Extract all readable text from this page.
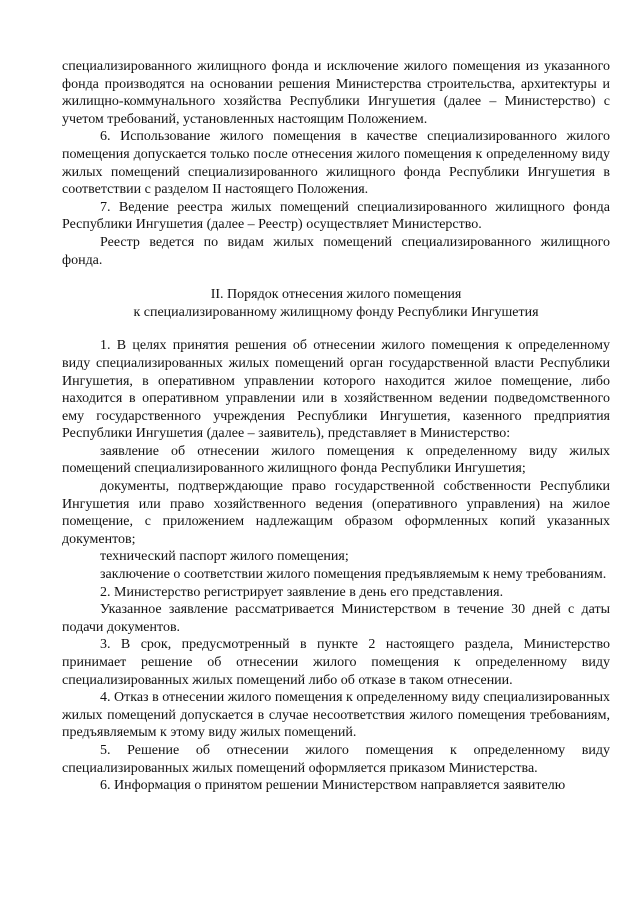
специализированного жилищного фонда и исключение жилого помещения из указанного фонда производятся на основании решения Министерства строительства, архитектуры и жилищно-коммунального хозяйства Республики Ингушетия (далее – Министерство) с учетом требований, установленных настоящим Положением.

6. Использование жилого помещения в качестве специализированного жилого помещения допускается только после отнесения жилого помещения к определенному виду жилых помещений специализированного жилищного фонда Республики Ингушетия в соответствии с разделом II настоящего Положения.

7. Ведение реестра жилых помещений специализированного жилищного фонда Республики Ингушетия (далее – Реестр) осуществляет Министерство.

Реестр ведется по видам жилых помещений специализированного жилищного фонда.

II. Порядок отнесения жилого помещения

к специализированному жилищному фонду Республики Ингушетия

1. В целях принятия решения об отнесении жилого помещения к определенному виду специализированных жилых помещений орган государственной власти Республики Ингушетия, в оперативном управлении которого находится жилое помещение, либо находится в оперативном управлении или в хозяйственном ведении подведомственного ему государственного учреждения Республики Ингушетия, казенного предприятия Республики Ингушетия (далее – заявитель), представляет в Министерство:

заявление об отнесении жилого помещения к определенному виду жилых помещений специализированного жилищного фонда Республики Ингушетия;

документы, подтверждающие право государственной собственности Республики Ингушетия или право хозяйственного ведения (оперативного управления) на жилое помещение, с приложением надлежащим образом оформленных копий указанных документов;

технический паспорт жилого помещения;

заключение о соответствии жилого помещения предъявляемым к нему требованиям.

2. Министерство регистрирует заявление в день его представления.

Указанное заявление рассматривается Министерством в течение 30 дней с даты подачи документов.

3. В срок, предусмотренный в пункте 2 настоящего раздела, Министерство принимает решение об отнесении жилого помещения к определенному виду специализированных жилых помещений либо об отказе в таком отнесении.

4. Отказ в отнесении жилого помещения к определенному виду специализированных жилых помещений допускается в случае несоответствия жилого помещения требованиям, предъявляемым к этому виду жилых помещений.

5. Решение об отнесении жилого помещения к определенному виду специализированных жилых помещений оформляется приказом Министерства.

6. Информация о принятом решении Министерством направляется заявителю
